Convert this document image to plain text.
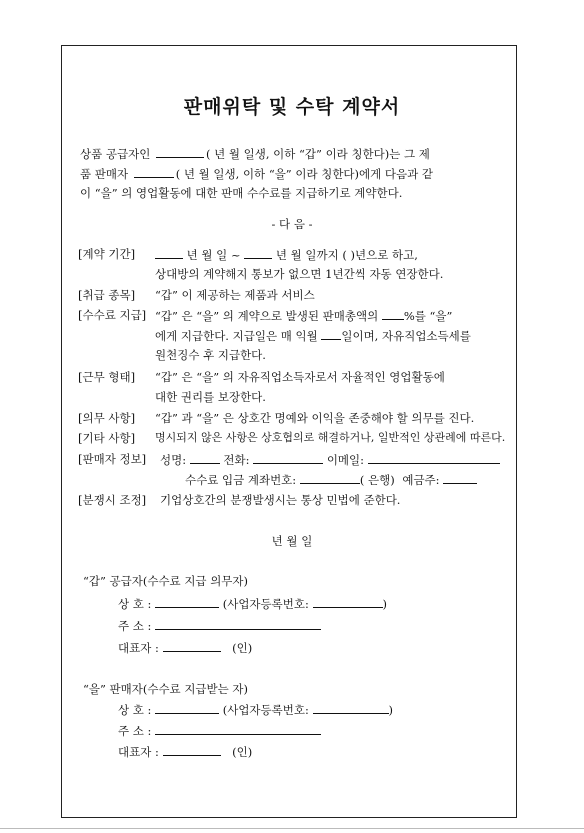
판매위탁 및 수탁 계약서
상품 공급자인	( 년 월 일생, 이하 “갑” 이라 칭한다)는 그 제
품 판매자	( 년 월 일생, 이하 “을” 이라 칭한다)에게 다음과 같
이 “을” 의 영업활동에 대한 판매 수수료를 지급하기로 계약한다.
- 다 음 -
[계약 기간]	년 월 일 ~	년 월 일까지 ( )년으로 하고,
상대방의 계약해지 통보가 없으면 1년간씩 자동 연장한다.
[취급 종목] “갑” 이 제공하는 제품과 서비스
[수수료 지급] “갑” 은 “을” 의 계약으로 발생된 판매총액의 %를 “을”
에게 지급한다. 지급일은 매 익월 일이며, 자유직업소득세를
원천징수 후 지급한다.
[근무 형태] “갑” 은 “을” 의 자유직업소득자로서 자율적인 영업활동에
대한 권리를 보장한다.
[의무 사항] “갑” 과 “을” 은 상호간 명예와 이익을 존중해야 할 의무를 진다.
[기타 사항] 명시되지 않은 사항은 상호협의로 해결하거나, 일반적인 상관례에 따른다.
[판매자 정보] 성명:	전화:	이메일:
수수료 입금 계좌번호:	( 은행) 예금주:
[분쟁시 조정] 기업상호간의 분쟁발생시는 통상 민법에 준한다.
년 월 일
“갑” 공급자(수수료 지급 의무자)
상 호 :	(사업자등록번호:	)
주 소 :
대표자 :	(인)
“을” 판매자(수수료 지급받는 자)
상 호 :	(사업자등록번호:	)
주 소 :
대표자 :	(인)
